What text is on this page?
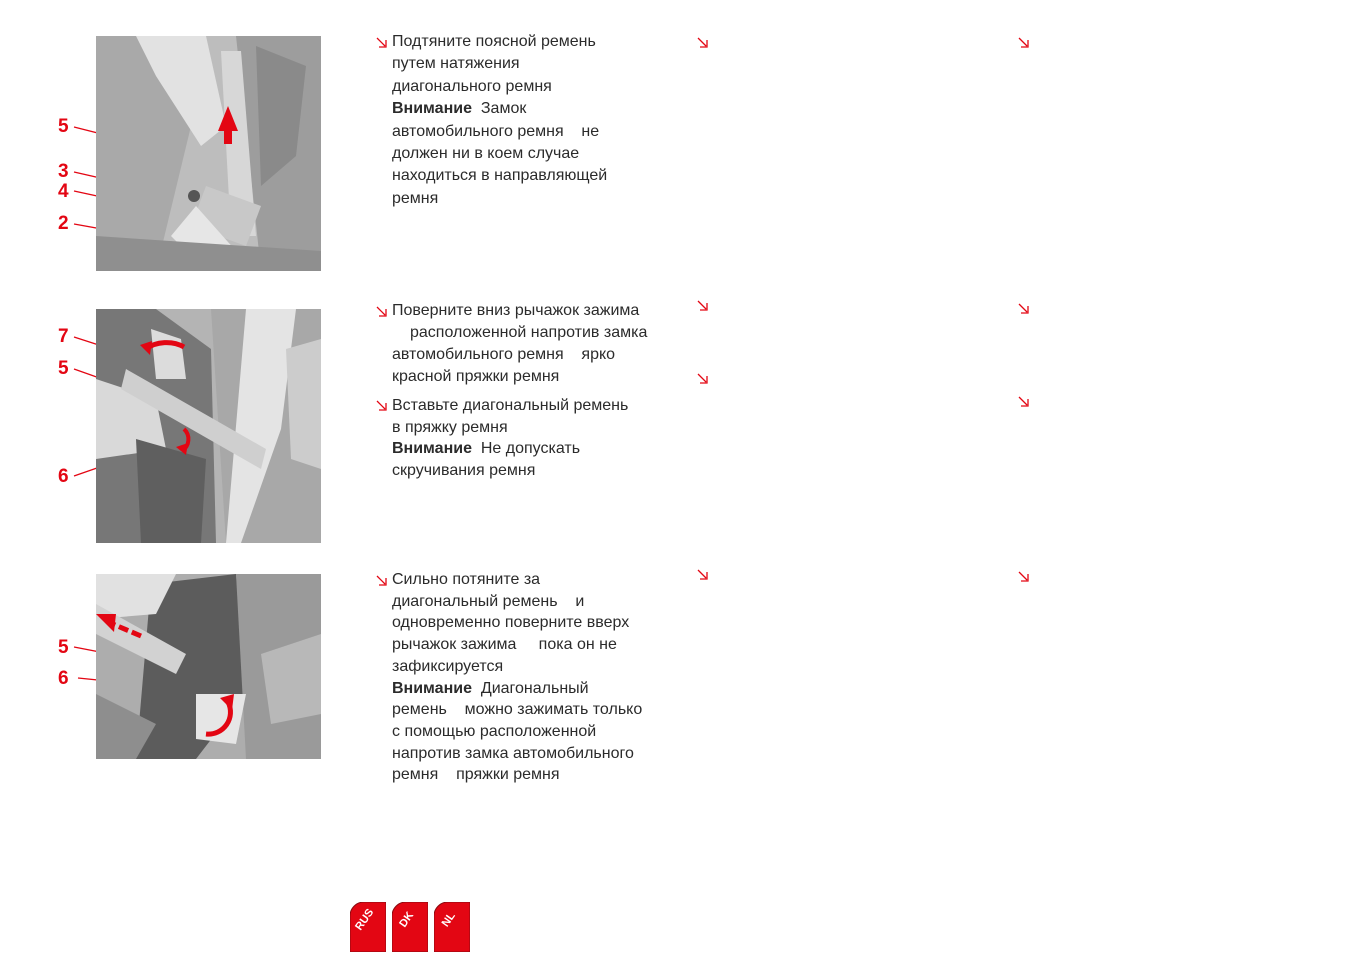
5
3
4
2
7
5
6
5
6
Подтяните поясной ремень
путем натяжения
диагонального ремня
Внимание  Замок
автомобильного ремня    не
должен ни в коем случае
находиться в направляющей
ремня
Поверните вниз рычажок зажима
расположенной напротив замка
автомобильного ремня    ярко
красной пряжки ремня
Вставьте диагональный ремень
в пряжку ремня
Внимание  Не допускать
скручивания ремня
Сильно потяните за
диагональный ремень    и
одновременно поверните вверх
рычажок зажима     пока он не
зафиксируется
Внимание  Диагональный
ремень    можно зажимать только
с помощью расположенной
напротив замка автомобильного
ремня    пряжки ремня
RUS	DK	NL
